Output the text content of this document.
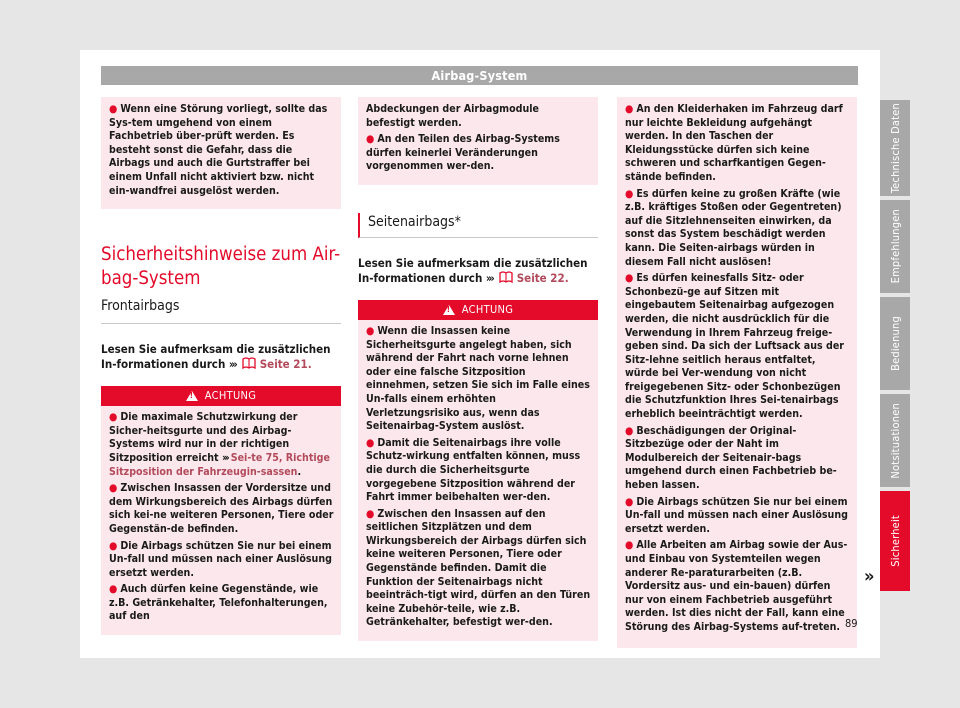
Airbag-System
● Wenn eine Störung vorliegt, sollte das Sys-tem umgehend von einem Fachbetrieb über-prüft werden. Es besteht sonst die Gefahr, dass die Airbags und auch die Gurtstraffer bei einem Unfall nicht aktiviert bzw. nicht ein-wandfrei ausgelöst werden.
Sicherheitshinweise zum Air-
bag-System
Frontairbags
Lesen Sie aufmerksam die zusätzlichen In-formationen durch ››› Seite 21.
!ACHTUNG
● Die maximale Schutzwirkung der Sicher-heitsgurte und des Airbag-Systems wird nur in der richtigen Sitzposition erreicht ››› Sei-te 75, Richtige Sitzposition der Fahrzeugin-sassen.
● Zwischen Insassen der Vordersitze und dem Wirkungsbereich des Airbags dürfen sich kei-ne weiteren Personen, Tiere oder Gegenstän-de befinden.
● Die Airbags schützen Sie nur bei einem Un-fall und müssen nach einer Auslösung ersetzt werden.
● Auch dürfen keine Gegenstände, wie z.B. Getränkehalter, Telefonhalterungen, auf den
Abdeckungen der Airbagmodule befestigt werden.
● An den Teilen des Airbag-Systems dürfen keinerlei Veränderungen vorgenommen wer-den.
Seitenairbags*
Lesen Sie aufmerksam die zusätzlichen In-formationen durch ››› Seite 22.
!ACHTUNG
● Wenn die Insassen keine Sicherheitsgurte angelegt haben, sich während der Fahrt nach vorne lehnen oder eine falsche Sitzposition einnehmen, setzen Sie sich im Falle eines Un-falls einem erhöhten Verletzungsrisiko aus, wenn das Seitenairbag-System auslöst.
● Damit die Seitenairbags ihre volle Schutz-wirkung entfalten können, muss die durch die Sicherheitsgurte vorgegebene Sitzposition während der Fahrt immer beibehalten wer-den.
● Zwischen den Insassen auf den seitlichen Sitzplätzen und dem Wirkungsbereich der Airbags dürfen sich keine weiteren Personen, Tiere oder Gegenstände befinden. Damit die Funktion der Seitenairbags nicht beeinträch-tigt wird, dürfen an den Türen keine Zubehör-teile, wie z.B. Getränkehalter, befestigt wer-den.
● An den Kleiderhaken im Fahrzeug darf nur leichte Bekleidung aufgehängt werden. In den Taschen der Kleidungsstücke dürfen sich keine schweren und scharfkantigen Gegen-stände befinden.
● Es dürfen keine zu großen Kräfte (wie z.B. kräftiges Stoßen oder Gegentreten) auf die Sitzlehnenseiten einwirken, da sonst das System beschädigt werden kann. Die Seiten-airbags würden in diesem Fall nicht auslösen!
● Es dürfen keinesfalls Sitz- oder Schonbezü-ge auf Sitzen mit eingebautem Seitenairbag aufgezogen werden, die nicht ausdrücklich für die Verwendung in Ihrem Fahrzeug freige-geben sind. Da sich der Luftsack aus der Sitz-lehne seitlich heraus entfaltet, würde bei Ver-wendung von nicht freigegebenen Sitz- oder Schonbezügen die Schutzfunktion Ihres Sei-tenairbags erheblich beeinträchtigt werden.
● Beschädigungen der Original-Sitzbezüge oder der Naht im Modulbereich der Seitenair-bags umgehend durch einen Fachbetrieb be-heben lassen.
● Die Airbags schützen Sie nur bei einem Un-fall und müssen nach einer Auslösung ersetzt werden.
● Alle Arbeiten am Airbag sowie der Aus- und Einbau von Systemteilen wegen anderer Re-paraturarbeiten (z.B. Vordersitz aus- und ein-bauen) dürfen nur von einem Fachbetrieb ausgeführt werden. Ist dies nicht der Fall, kann eine Störung des Airbag-Systems auf-treten.
»
89
Technische Daten
Empfehlungen
Bedienung
Notsituationen
Sicherheit
